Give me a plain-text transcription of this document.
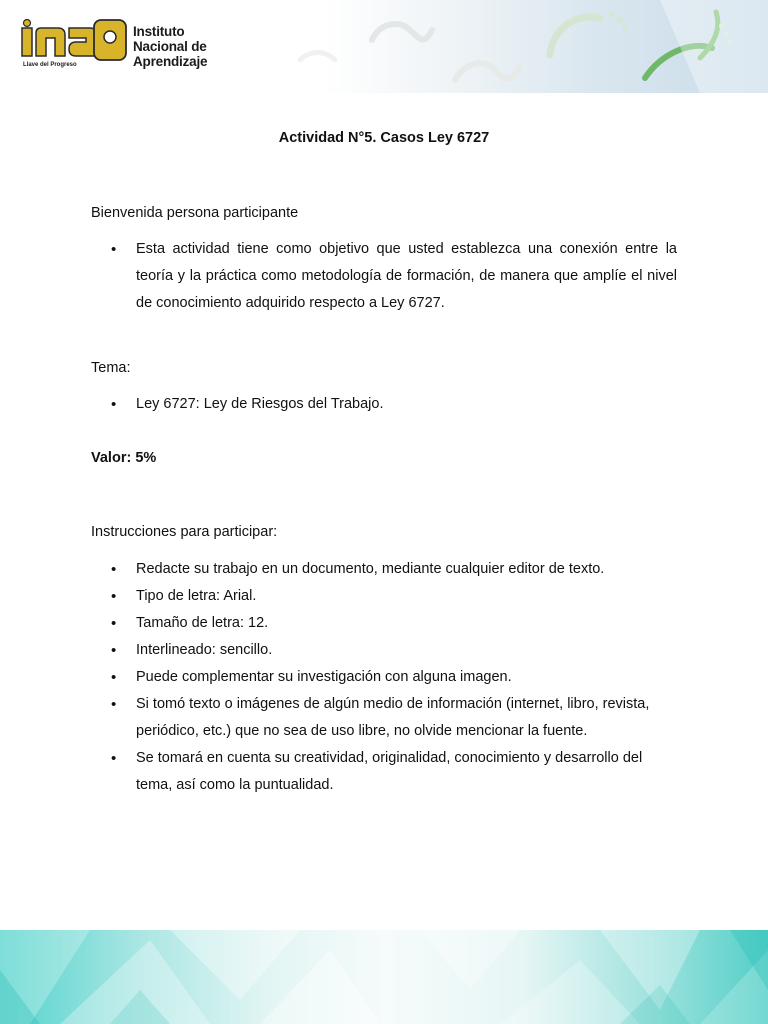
Llave del Progreso
Instituto
Nacional de
Aprendizaje
Actividad N°5. Casos Ley 6727
Bienvenida persona participante
• Esta actividad tiene como objetivo que usted establezca una conexión entre la teoría y la práctica como metodología de formación, de manera que amplíe el nivel de conocimiento adquirido respecto a Ley 6727.
Tema:
• Ley 6727: Ley de Riesgos del Trabajo.
Valor: 5%
Instrucciones para participar:
• Redacte su trabajo en un documento, mediante cualquier editor de texto.
• Tipo de letra: Arial.
• Tamaño de letra: 12.
• Interlineado: sencillo.
• Puede complementar su investigación con alguna imagen.
• Si tomó texto o imágenes de algún medio de información (internet, libro, revista, periódico, etc.) que no sea de uso libre, no olvide mencionar la fuente.
• Se tomará en cuenta su creatividad, originalidad, conocimiento y desarrollo del tema, así como la puntualidad.
